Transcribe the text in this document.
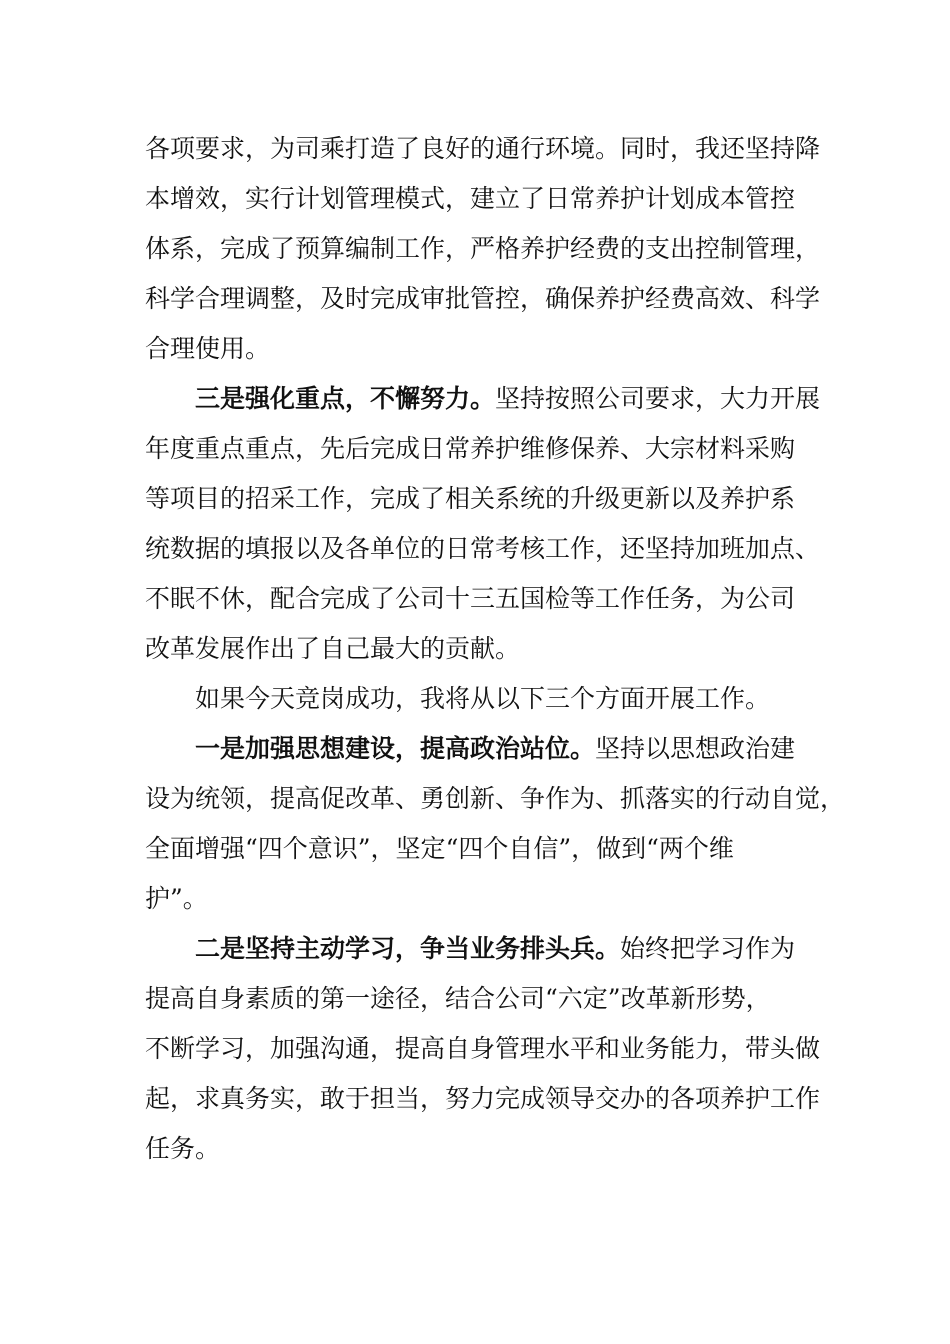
各项要求，为司乘打造了良好的通行环境。同时，我还坚持降
本增效，实行计划管理模式，建立了日常养护计划成本管控
体系，完成了预算编制工作，严格养护经费的支出控制管理，
科学合理调整，及时完成审批管控，确保养护经费高效、科学
合理使用。
三是强化重点，不懈努力。坚持按照公司要求，大力开展
年度重点重点，先后完成日常养护维修保养、大宗材料采购
等项目的招采工作，完成了相关系统的升级更新以及养护系
统数据的填报以及各单位的日常考核工作，还坚持加班加点、
不眠不休，配合完成了公司十三五国检等工作任务，为公司
改革发展作出了自己最大的贡献。
如果今天竞岗成功，我将从以下三个方面开展工作。
一是加强思想建设，提高政治站位。坚持以思想政治建
设为统领，提高促改革、勇创新、争作为、抓落实的行动自觉，
全面增强“四个意识”，坚定“四个自信”，做到“两个维
护”。
二是坚持主动学习，争当业务排头兵。始终把学习作为
提高自身素质的第一途径，结合公司“六定”改革新形势，
不断学习，加强沟通，提高自身管理水平和业务能力，带头做
起，求真务实，敢于担当，努力完成领导交办的各项养护工作
任务。
